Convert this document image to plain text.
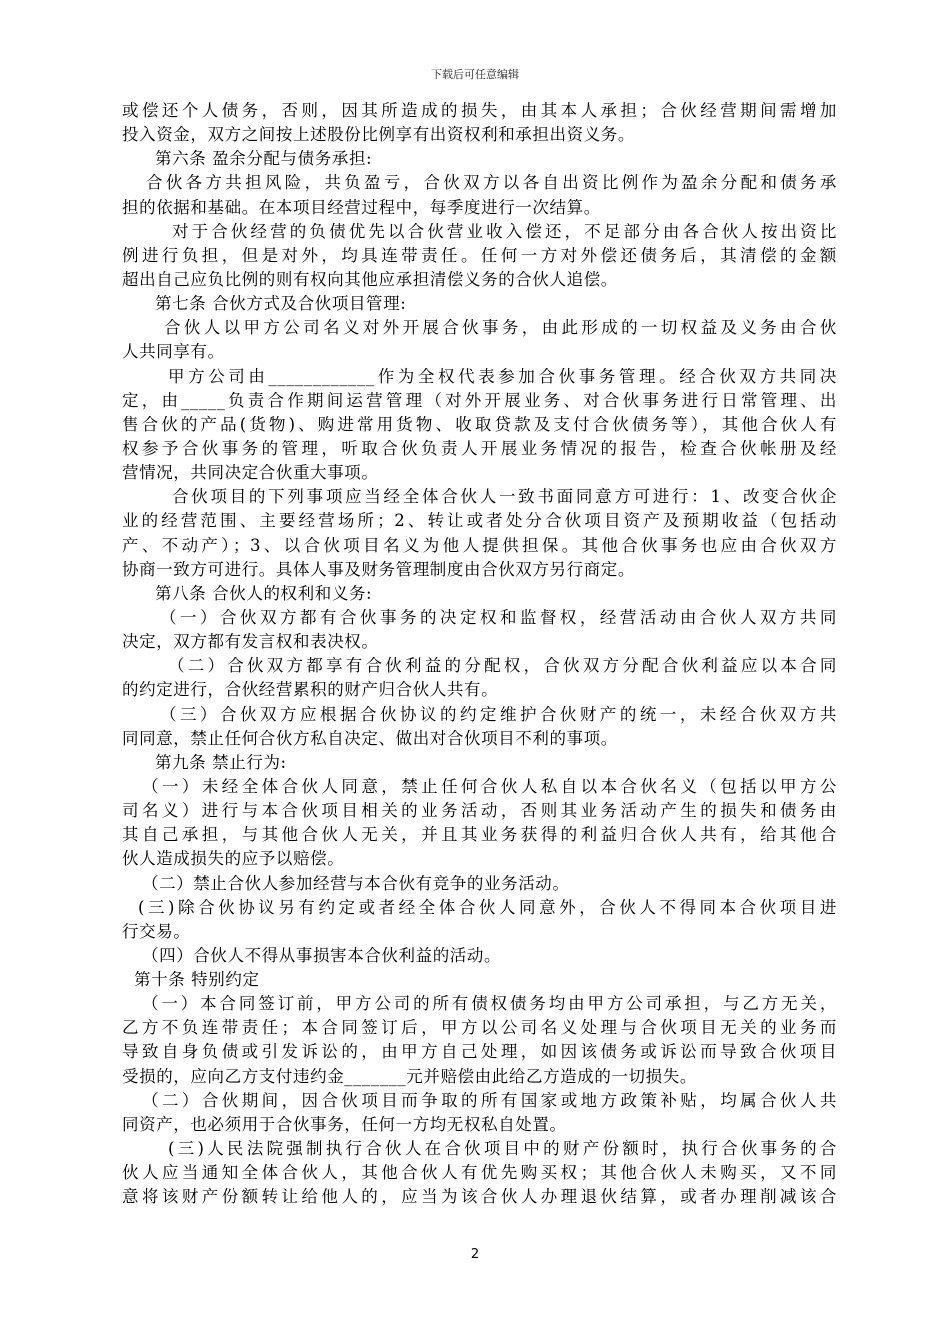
下载后可任意编辑
或偿还个人债务，否则，因其所造成的损失，由其本人承担；合伙经营期间需增加
投入资金，双方之间按上述股份比例享有出资权利和承担出资义务。
第六条 盈余分配与债务承担:
合伙各方共担风险，共负盈亏，合伙双方以各自出资比例作为盈余分配和债务承
担的依据和基础。在本项目经营过程中，每季度进行一次结算。
对于合伙经营的负债优先以合伙营业收入偿还，不足部分由各合伙人按出资比
例进行负担，但是对外，均具连带责任。任何一方对外偿还债务后，其清偿的金额
超出自己应负比例的则有权向其他应承担清偿义务的合伙人追偿。
第七条 合伙方式及合伙项目管理:
合伙人以甲方公司名义对外开展合伙事务，由此形成的一切权益及义务由合伙
人共同享有。
甲方公司由____________作为全权代表参加合伙事务管理。经合伙双方共同决
定，由_____负责合作期间运营管理（对外开展业务、对合伙事务进行日常管理、出
售合伙的产品(货物)、购进常用货物、收取贷款及支付合伙债务等），其他合伙人有
权参予合伙事务的管理，听取合伙负责人开展业务情况的报告，检查合伙帐册及经
营情况，共同决定合伙重大事项。
合伙项目的下列事项应当经全体合伙人一致书面同意方可进行：1、改变合伙企
业的经营范围、主要经营场所；2、转让或者处分合伙项目资产及预期收益（包括动
产、不动产）；3、以合伙项目名义为他人提供担保。其他合伙事务也应由合伙双方
协商一致方可进行。具体人事及财务管理制度由合伙双方另行商定。
第八条 合伙人的权利和义务:
（一）合伙双方都有合伙事务的决定权和监督权，经营活动由合伙人双方共同
决定，双方都有发言权和表决权。
（二）合伙双方都享有合伙利益的分配权，合伙双方分配合伙利益应以本合同
的约定进行，合伙经营累积的财产归合伙人共有。
（三）合伙双方应根据合伙协议的约定维护合伙财产的统一，未经合伙双方共
同同意，禁止任何合伙方私自决定、做出对合伙项目不利的事项。
第九条 禁止行为:
（一）未经全体合伙人同意，禁止任何合伙人私自以本合伙名义（包括以甲方公
司名义）进行与本合伙项目相关的业务活动，否则其业务活动产生的损失和债务由
其自己承担，与其他合伙人无关，并且其业务获得的利益归合伙人共有，给其他合
伙人造成损失的应予以赔偿。
（二）禁止合伙人参加经营与本合伙有竞争的业务活动。
(三)除合伙协议另有约定或者经全体合伙人同意外，合伙人不得同本合伙项目进
行交易。
（四）合伙人不得从事损害本合伙利益的活动。
第十条 特别约定
（一）本合同签订前，甲方公司的所有债权债务均由甲方公司承担，与乙方无关，
乙方不负连带责任；本合同签订后，甲方以公司名义处理与合伙项目无关的业务而
导致自身负债或引发诉讼的，由甲方自己处理，如因该债务或诉讼而导致合伙项目
受损的，应向乙方支付违约金_______元并赔偿由此给乙方造成的一切损失。
（二）合伙期间，因合伙项目而争取的所有国家或地方政策补贴，均属合伙人共
同资产，也必须用于合伙事务，任何一方均无权私自处置。
(三)人民法院强制执行合伙人在合伙项目中的财产份额时，执行合伙事务的合
伙人应当通知全体合伙人，其他合伙人有优先购买权；其他合伙人未购买，又不同
意将该财产份额转让给他人的，应当为该合伙人办理退伙结算，或者办理削减该合
2
